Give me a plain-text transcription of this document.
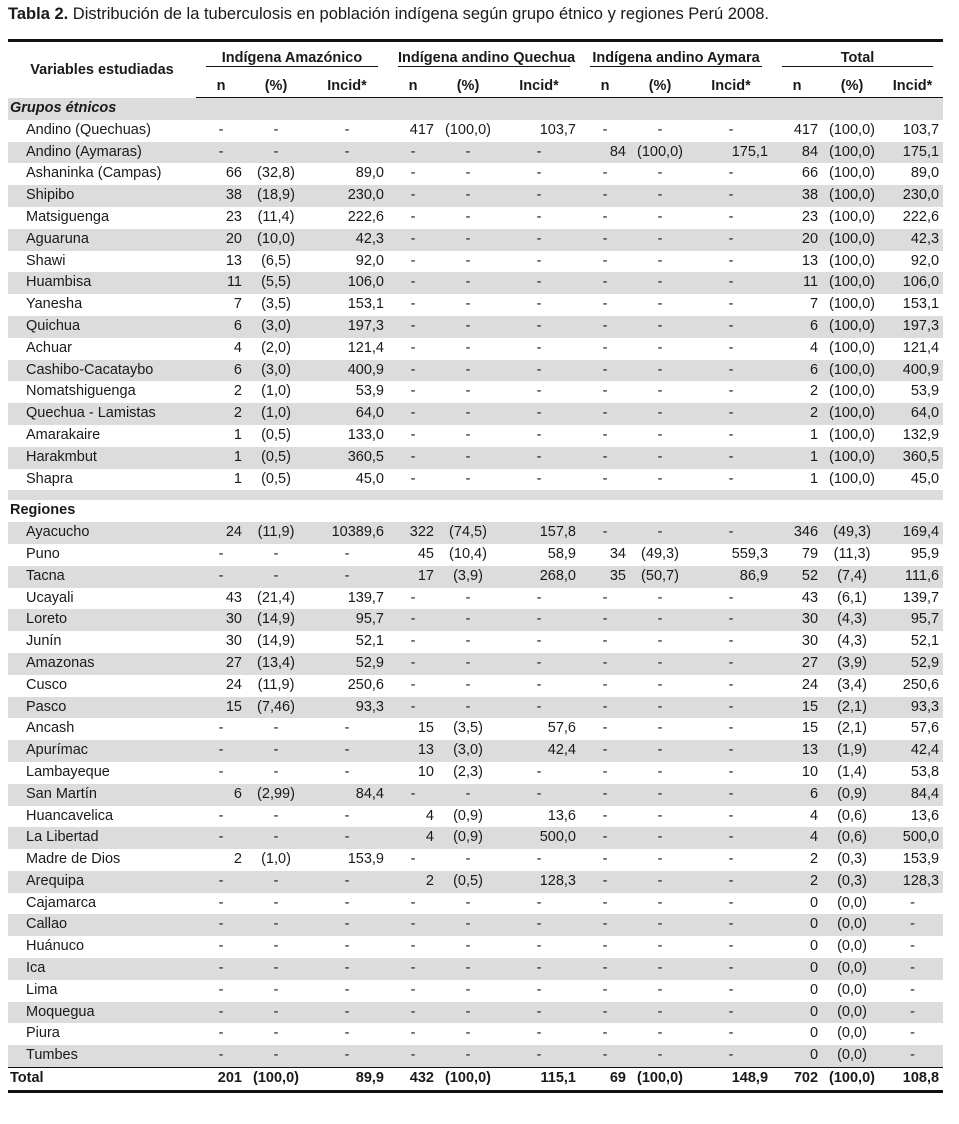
Tabla 2. Distribución de la tuberculosis en población indígena según grupo étnico y regiones Perú 2008.
Variables estudiadas	Indígena Amazónico			Indígena andino Quechua			Indígena andino Aymara			Total		

	n	(%)	Incid*	n	(%)	Incid*	n	(%)	Incid*	n	(%)	Incid*
Grupos étnicos												
Andino (Quechuas)	-	-	-	417	(100,0)	103,7	-	-	-	417	(100,0)	103,7
Andino (Aymaras)	-	-	-	-	-	-	84	(100,0)	175,1	84	(100,0)	175,1
Ashaninka (Campas)	66	(32,8)	89,0	-	-	-	-	-	-	66	(100,0)	89,0
Shipibo	38	(18,9)	230,0	-	-	-	-	-	-	38	(100,0)	230,0
Matsiguenga	23	(11,4)	222,6	-	-	-	-	-	-	23	(100,0)	222,6
Aguaruna	20	(10,0)	42,3	-	-	-	-	-	-	20	(100,0)	42,3
Shawi	13	(6,5)	92,0	-	-	-	-	-	-	13	(100,0)	92,0
Huambisa	11	(5,5)	106,0	-	-	-	-	-	-	11	(100,0)	106,0
Yanesha	7	(3,5)	153,1	-	-	-	-	-	-	7	(100,0)	153,1
Quichua	6	(3,0)	197,3	-	-	-	-	-	-	6	(100,0)	197,3
Achuar	4	(2,0)	121,4	-	-	-	-	-	-	4	(100,0)	121,4
Cashibo-Cacataybo	6	(3,0)	400,9	-	-	-	-	-	-	6	(100,0)	400,9
Nomatshiguenga	2	(1,0)	53,9	-	-	-	-	-	-	2	(100,0)	53,9
Quechua - Lamistas	2	(1,0)	64,0	-	-	-	-	-	-	2	(100,0)	64,0
Amarakaire	1	(0,5)	133,0	-	-	-	-	-	-	1	(100,0)	132,9
Harakmbut	1	(0,5)	360,5	-	-	-	-	-	-	1	(100,0)	360,5
Shapra	1	(0,5)	45,0	-	-	-	-	-	-	1	(100,0)	45,0

Regiones												
Ayacucho	24	(11,9)	10389,6	322	(74,5)	157,8	-	-	-	346	(49,3)	169,4
Puno	-	-	-	45	(10,4)	58,9	34	(49,3)	559,3	79	(11,3)	95,9
Tacna	-	-	-	17	(3,9)	268,0	35	(50,7)	86,9	52	(7,4)	111,6
Ucayali	43	(21,4)	139,7	-	-	-	-	-	-	43	(6,1)	139,7
Loreto	30	(14,9)	95,7	-	-	-	-	-	-	30	(4,3)	95,7
Junín	30	(14,9)	52,1	-	-	-	-	-	-	30	(4,3)	52,1
Amazonas	27	(13,4)	52,9	-	-	-	-	-	-	27	(3,9)	52,9
Cusco	24	(11,9)	250,6	-	-	-	-	-	-	24	(3,4)	250,6
Pasco	15	(7,46)	93,3	-	-	-	-	-	-	15	(2,1)	93,3
Ancash	-	-	-	15	(3,5)	57,6	-	-	-	15	(2,1)	57,6
Apurímac	-	-	-	13	(3,0)	42,4	-	-	-	13	(1,9)	42,4
Lambayeque	-	-	-	10	(2,3)	-	-	-	-	10	(1,4)	53,8
San Martín	6	(2,99)	84,4	-	-	-	-	-	-	6	(0,9)	84,4
Huancavelica	-	-	-	4	(0,9)	13,6	-	-	-	4	(0,6)	13,6
La Libertad	-	-	-	4	(0,9)	500,0	-	-	-	4	(0,6)	500,0
Madre de Dios	2	(1,0)	153,9	-	-	-	-	-	-	2	(0,3)	153,9
Arequipa	-	-	-	2	(0,5)	128,3	-	-	-	2	(0,3)	128,3
Cajamarca	-	-	-	-	-	-	-	-	-	0	(0,0)	-
Callao	-	-	-	-	-	-	-	-	-	0	(0,0)	-
Huánuco	-	-	-	-	-	-	-	-	-	0	(0,0)	-
Ica	-	-	-	-	-	-	-	-	-	0	(0,0)	-
Lima	-	-	-	-	-	-	-	-	-	0	(0,0)	-
Moquegua	-	-	-	-	-	-	-	-	-	0	(0,0)	-
Piura	-	-	-	-	-	-	-	-	-	0	(0,0)	-
Tumbes	-	-	-	-	-	-	-	-	-	0	(0,0)	-
Total	201	(100,0)	89,9	432	(100,0)	115,1	69	(100,0)	148,9	702	(100,0)	108,8
